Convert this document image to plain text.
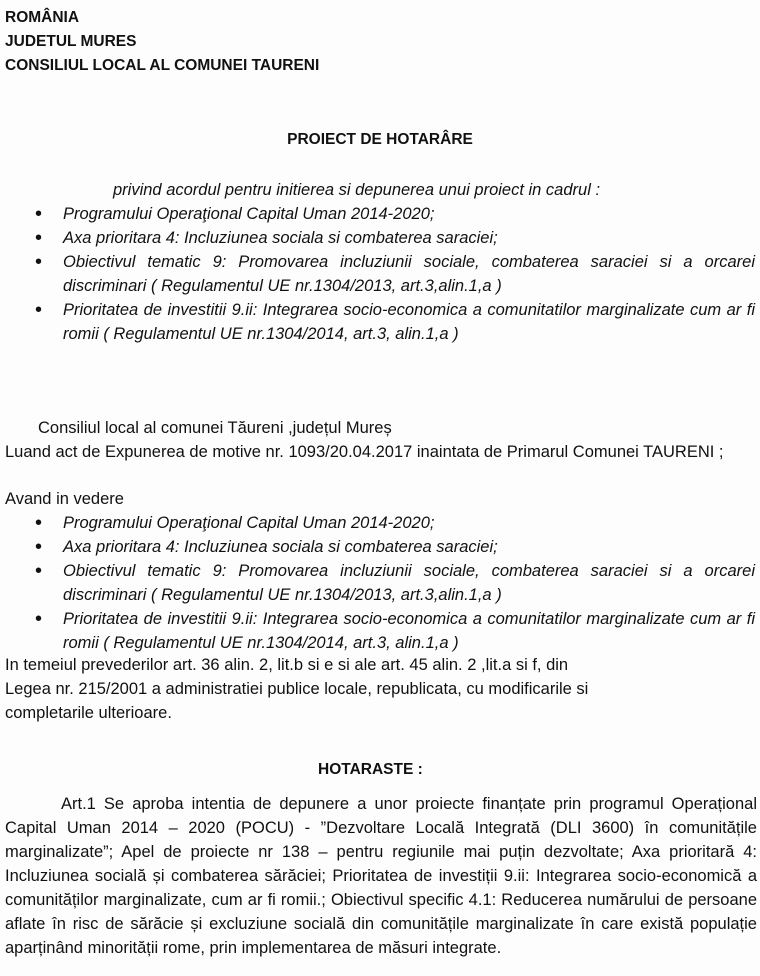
ROMÂNIA
JUDETUL MURES
CONSILIUL LOCAL AL COMUNEI TAURENI
PROIECT DE HOTARÂRE
privind acordul pentru initierea si depunerea unui proiect in cadrul :
• Programului Operaţional Capital Uman 2014-2020;
• Axa prioritara 4: Incluziunea sociala si combaterea saraciei;
• Obiectivul tematic 9: Promovarea incluziunii sociale, combaterea saraciei si a orcarei discriminari ( Regulamentul UE nr.1304/2013, art.3,alin.1,a )
• Prioritatea de investitii 9.ii: Integrarea socio-economica a comunitatilor marginalizate cum ar fi romii ( Regulamentul UE nr.1304/2014, art.3, alin.1,a )
Consiliul local al comunei Tăureni ,județul Mureș
Luand act de Expunerea de motive nr. 1093/20.04.2017 inaintata de Primarul Comunei TAURENI ;
Avand in vedere
• Programului Operaţional Capital Uman 2014-2020;
• Axa prioritara 4: Incluziunea sociala si combaterea saraciei;
• Obiectivul tematic 9: Promovarea incluziunii sociale, combaterea saraciei si a orcarei discriminari ( Regulamentul UE nr.1304/2013, art.3,alin.1,a )
• Prioritatea de investitii 9.ii: Integrarea socio-economica a comunitatilor marginalizate cum ar fi romii ( Regulamentul UE nr.1304/2014, art.3, alin.1,a )
In temeiul prevederilor art. 36 alin. 2, lit.b si e si ale art. 45 alin. 2 ,lit.a si f, din
Legea nr. 215/2001 a administratiei publice locale, republicata, cu modificarile si
completarile ulterioare.
HOTARASTE :

Art.1 Se aproba intentia de depunere a unor proiecte finanțate prin programul Operațional Capital Uman 2014 – 2020 (POCU) - ”Dezvoltare Locală Integrată (DLI 3600) în comunitățile marginalizate”; Apel de proiecte nr 138 – pentru regiunile mai puțin dezvoltate; Axa prioritară 4: Incluziunea socială și combaterea sărăciei; Prioritatea de investiții 9.ii: Integrarea socio-economică a comunităților marginalizate, cum ar fi romii.; Obiectivul specific 4.1: Reducerea numărului de persoane aflate în risc de sărăcie și excluziune socială din comunitățile marginalizate în care există populație aparținând minorității rome, prin implementarea de măsuri integrate.
